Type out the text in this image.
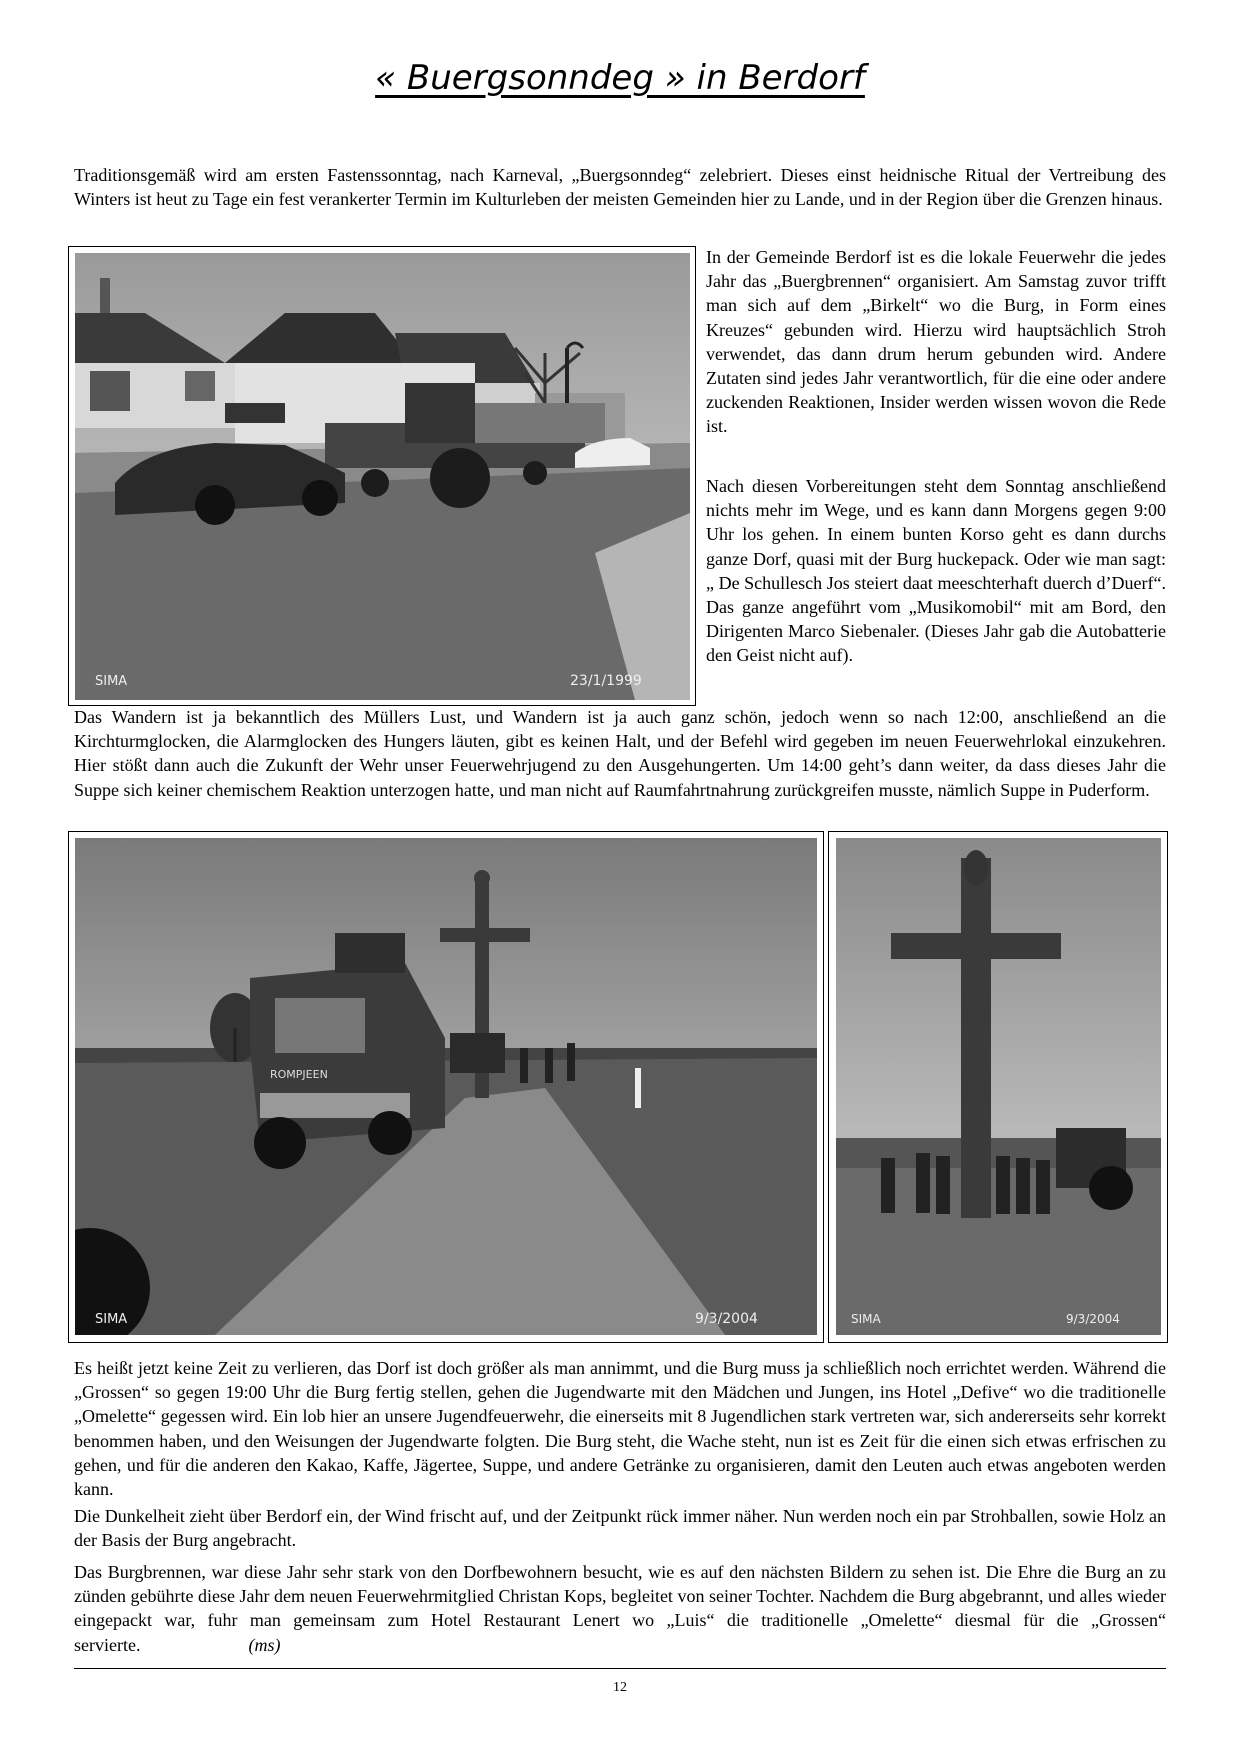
« Buergsonndeg » in Berdorf

Traditionsgemäß wird am ersten Fastenssonntag, nach Karneval, „Buergsonndeg“ zelebriert. Dieses einst heidnische Ritual der Vertreibung des Winters ist heut zu Tage ein fest verankerter Termin im Kulturleben der meisten Gemeinden hier zu Lande, und in der Region über die Grenzen hinaus.

SIMA	23/1/1999

In der Gemeinde Berdorf ist es die lokale Feuerwehr die jedes Jahr das „Buergbrennen“ organisiert. Am Samstag zuvor trifft man sich auf dem „Birkelt“ wo die Burg, in Form eines Kreuzes“ gebunden wird. Hierzu wird hauptsächlich Stroh verwendet, das dann drum herum gebunden wird. Andere Zutaten sind jedes Jahr verantwortlich, für die eine oder andere zuckenden Reaktionen, Insider werden wissen wovon die Rede ist.

Nach diesen Vorbereitungen steht dem Sonntag anschließend nichts mehr im Wege, und es kann dann Morgens gegen 9:00 Uhr los gehen. In einem bunten Korso geht es dann durchs ganze Dorf, quasi mit der Burg huckepack. Oder wie man sagt: „ De Schullesch Jos steiert daat meeschterhaft duerch d’Duerf“. Das ganze angeführt vom „Musikomobil“ mit am Bord, den Dirigenten Marco Siebenaler. (Dieses Jahr gab die Autobatterie den Geist nicht auf).

Das Wandern ist ja bekanntlich des Müllers Lust, und Wandern ist ja auch ganz schön, jedoch wenn so nach 12:00, anschließend an die Kirchturmglocken, die Alarmglocken des Hungers läuten, gibt es keinen Halt, und der Befehl wird gegeben im neuen Feuerwehrlokal einzukehren. Hier stößt dann auch die Zukunft der Wehr unser Feuerwehrjugend zu den Ausgehungerten. Um 14:00 geht’s dann weiter, da dass dieses Jahr die Suppe sich keiner chemischem Reaktion unterzogen hatte, und man nicht auf Raumfahrtnahrung zurückgreifen musste, nämlich Suppe in Puderform.

ROMPJEEN
SIMA	9/3/2004	SIMA	9/3/2004

Es heißt jetzt keine Zeit zu verlieren, das Dorf ist doch größer als man annimmt, und die Burg muss ja schließlich noch errichtet werden. Während die „Grossen“ so gegen 19:00 Uhr die Burg fertig stellen, gehen die Jugendwarte mit den Mädchen und Jungen, ins Hotel „Defive“ wo die traditionelle „Omelette“ gegessen wird. Ein lob hier an unsere Jugendfeuerwehr, die einerseits mit 8 Jugendlichen stark vertreten war, sich andererseits sehr korrekt benommen haben, und den Weisungen der Jugendwarte folgten. Die Burg steht, die Wache steht, nun ist es Zeit für die einen sich etwas erfrischen zu gehen, und für die anderen den Kakao, Kaffe, Jägertee, Suppe, und andere Getränke zu organisieren, damit den Leuten auch etwas angeboten werden kann.

Die Dunkelheit zieht über Berdorf ein, der Wind frischt auf, und der Zeitpunkt rück immer näher. Nun werden noch ein par Strohballen, sowie Holz an der Basis der Burg angebracht.

Das Burgbrennen, war diese Jahr sehr stark von den Dorfbewohnern besucht, wie es auf den nächsten Bildern zu sehen ist. Die Ehre die Burg an zu zünden gebührte diese Jahr dem neuen Feuerwehrmitglied Christan Kops, begleitet von seiner Tochter. Nachdem die Burg abgebrannt, und alles wieder eingepackt war, fuhr man gemeinsam zum Hotel Restaurant Lenert wo „Luis“ die traditionelle „Omelette“ diesmal für die „Grossen“ servierte.	(ms)

12
